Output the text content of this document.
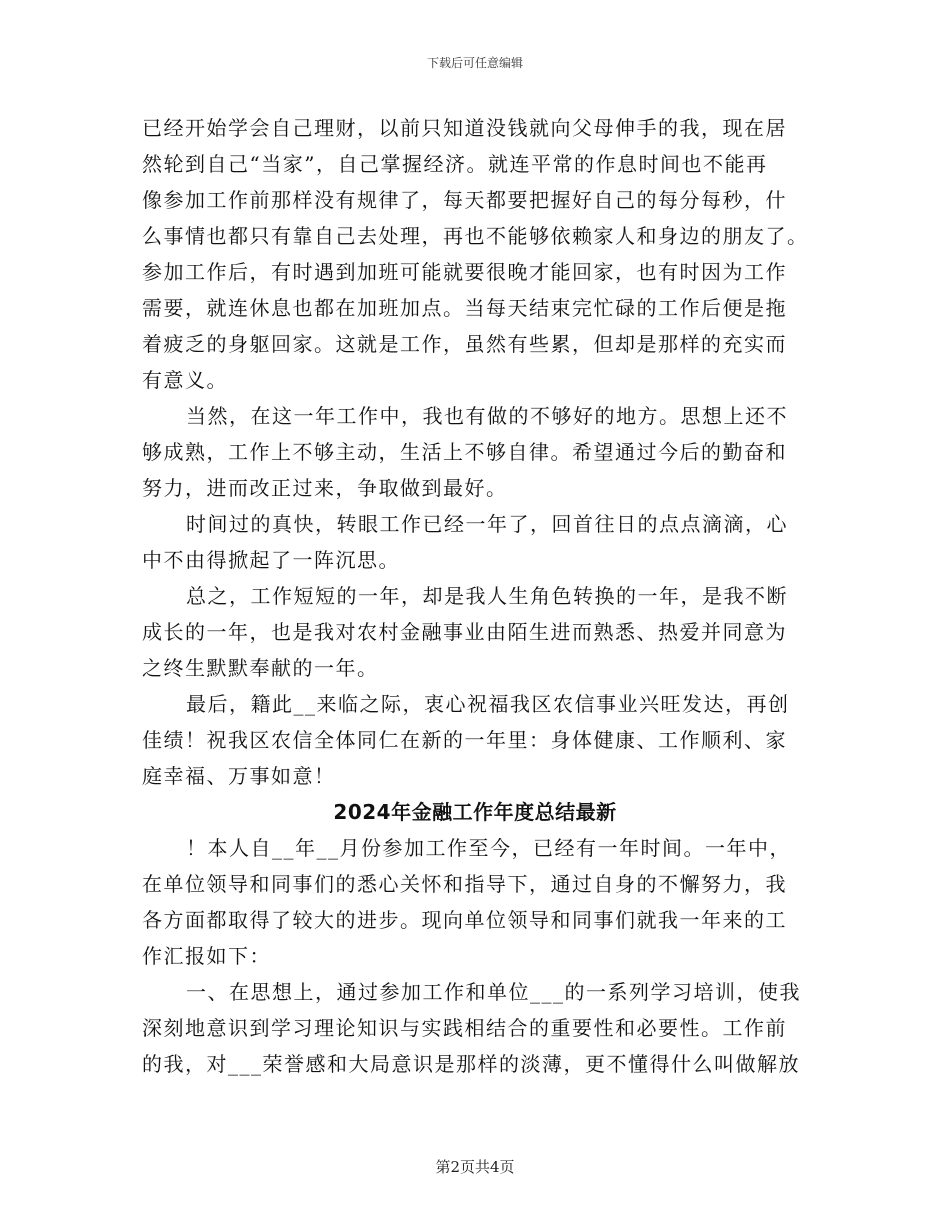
下载后可任意编辑
已经开始学会自己理财，以前只知道没钱就向父母伸手的我，现在居
然轮到自己“当家”，自己掌握经济。就连平常的作息时间也不能再
像参加工作前那样没有规律了，每天都要把握好自己的每分每秒，什
么事情也都只有靠自己去处理，再也不能够依赖家人和身边的朋友了。
参加工作后，有时遇到加班可能就要很晚才能回家，也有时因为工作
需要，就连休息也都在加班加点。当每天结束完忙碌的工作后便是拖
着疲乏的身躯回家。这就是工作，虽然有些累，但却是那样的充实而
有意义。
当然，在这一年工作中，我也有做的不够好的地方。思想上还不
够成熟，工作上不够主动，生活上不够自律。希望通过今后的勤奋和
努力，进而改正过来，争取做到最好。
时间过的真快，转眼工作已经一年了，回首往日的点点滴滴，心
中不由得掀起了一阵沉思。
总之，工作短短的一年，却是我人生角色转换的一年，是我不断
成长的一年，也是我对农村金融事业由陌生进而熟悉、热爱并同意为
之终生默默奉献的一年。
最后，籍此__来临之际，衷心祝福我区农信事业兴旺发达，再创
佳绩！祝我区农信全体同仁在新的一年里：身体健康、工作顺利、家
庭幸福、万事如意！
2024年金融工作年度总结最新
！本人自__年__月份参加工作至今，已经有一年时间。一年中，
在单位领导和同事们的悉心关怀和指导下，通过自身的不懈努力，我
各方面都取得了较大的进步。现向单位领导和同事们就我一年来的工
作汇报如下：
一、在思想上，通过参加工作和单位___的一系列学习培训，使我
深刻地意识到学习理论知识与实践相结合的重要性和必要性。工作前
的我，对___荣誉感和大局意识是那样的淡薄，更不懂得什么叫做解放
第2页共4页
